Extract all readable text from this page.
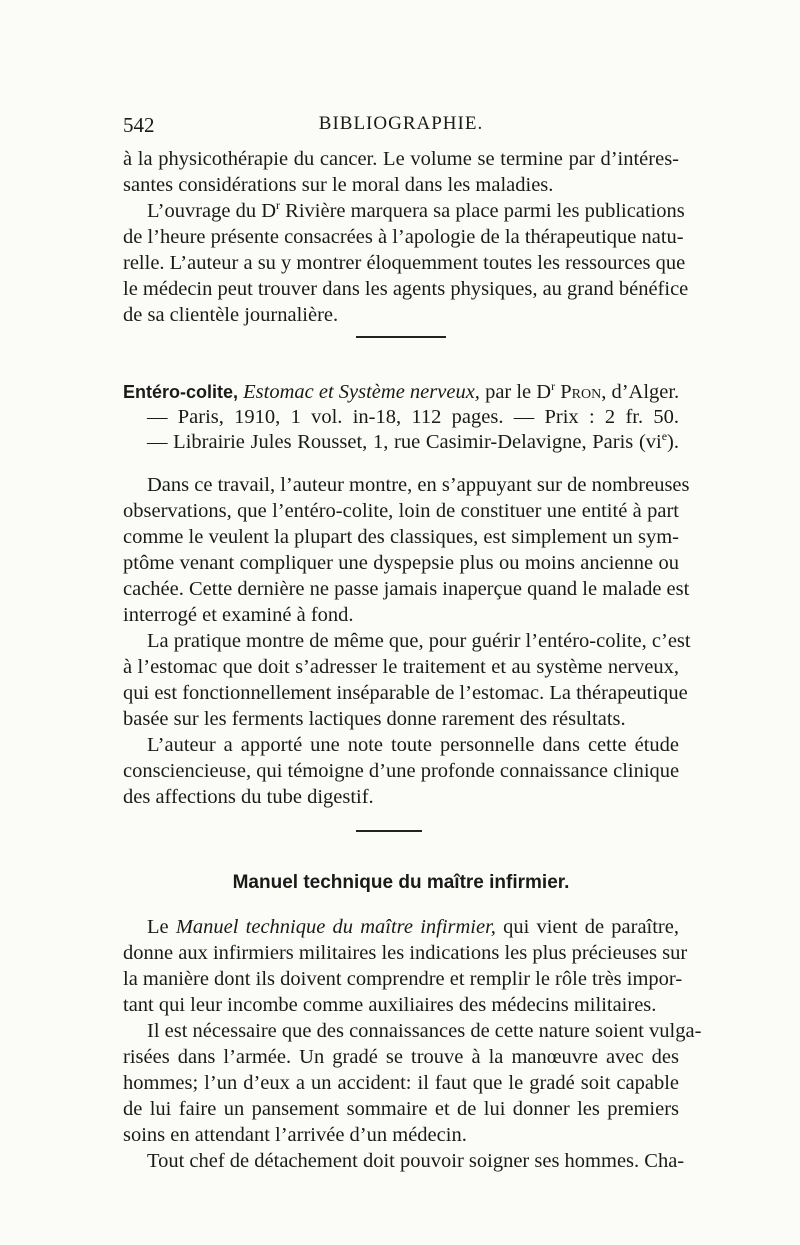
542	BIBLIOGRAPHIE.
à la physicothérapie du cancer. Le volume se termine par d’intéres-
santes considérations sur le moral dans les maladies.
L’ouvrage du $D^r$ Rivière marquera sa place parmi les publications
de l’heure présente consacrées à l’apologie de la thérapeutique natu-
relle. L’auteur a su y montrer éloquemment toutes les ressources que
le médecin peut trouver dans les agents physiques, au grand bénéfice
de sa clientèle journalière.
Entéro-colite, Estomac et Système nerveux, par le $D^r$ Pron, d’Alger.
— Paris, 1910, 1 vol. in-18, 112 pages. — Prix : 2 fr. 50.
— Librairie Jules Rousset, 1, rue Casimir-Delavigne, Paris $(vi^e)$.
Dans ce travail, l’auteur montre, en s’appuyant sur de nombreuses
observations, que l’entéro-colite, loin de constituer une entité à part
comme le veulent la plupart des classiques, est simplement un sym-
ptôme venant compliquer une dyspepsie plus ou moins ancienne ou
cachée. Cette dernière ne passe jamais inaperçue quand le malade est
interrogé et examiné à fond.
La pratique montre de même que, pour guérir l’entéro-colite, c’est
à l’estomac que doit s’adresser le traitement et au système nerveux,
qui est fonctionnellement inséparable de l’estomac. La thérapeutique
basée sur les ferments lactiques donne rarement des résultats.
L’auteur a apporté une note toute personnelle dans cette étude
consciencieuse, qui témoigne d’une profonde connaissance clinique
des affections du tube digestif.
Manuel technique du maître infirmier.
Le Manuel technique du maître infirmier, qui vient de paraître,
donne aux infirmiers militaires les indications les plus précieuses sur
la manière dont ils doivent comprendre et remplir le rôle très impor-
tant qui leur incombe comme auxiliaires des médecins militaires.
Il est nécessaire que des connaissances de cette nature soient vulga-
risées dans l’armée. Un gradé se trouve à la manœuvre avec des
hommes; l’un d’eux a un accident: il faut que le gradé soit capable
de lui faire un pansement sommaire et de lui donner les premiers
soins en attendant l’arrivée d’un médecin.
Tout chef de détachement doit pouvoir soigner ses hommes. Cha-
